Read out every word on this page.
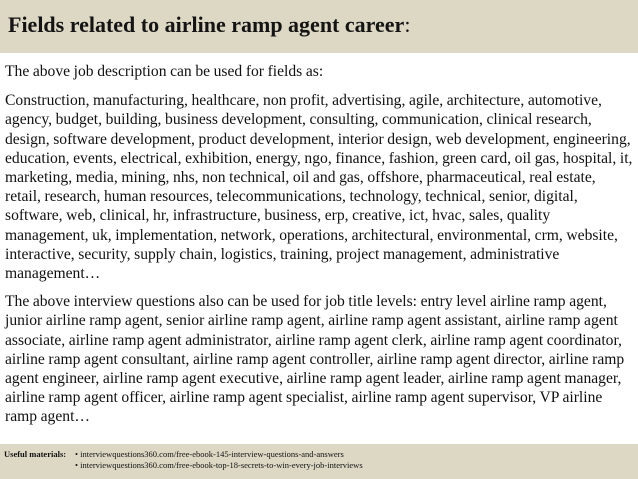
Fields related to airline ramp agent career:

The above job description can be used for fields as:

Construction, manufacturing, healthcare, non profit, advertising, agile, architecture, automotive, agency, budget, building, business development, consulting, communication, clinical research, design, software development, product development, interior design, web development, engineering, education, events, electrical, exhibition, energy, ngo, finance, fashion, green card, oil gas, hospital, it, marketing, media, mining, nhs, non technical, oil and gas, offshore, pharmaceutical, real estate, retail, research, human resources, telecommunications, technology, technical, senior, digital, software, web, clinical, hr, infrastructure, business, erp, creative, ict, hvac, sales, quality management, uk, implementation, network, operations, architectural, environmental, crm, website, interactive, security, supply chain, logistics, training, project management, administrative management…

The above interview questions also can be used for job title levels: entry level airline ramp agent, junior airline ramp agent, senior airline ramp agent, airline ramp agent assistant, airline ramp agent associate, airline ramp agent administrator, airline ramp agent clerk, airline ramp agent coordinator, airline ramp agent consultant, airline ramp agent controller, airline ramp agent director, airline ramp agent engineer, airline ramp agent executive, airline ramp agent leader, airline ramp agent manager, airline ramp agent officer, airline ramp agent specialist, airline ramp agent supervisor, VP airline ramp agent…

Useful materials:• interviewquestions360.com/free-ebook-145-interview-questions-and-answers
• interviewquestions360.com/free-ebook-top-18-secrets-to-win-every-job-interviews
